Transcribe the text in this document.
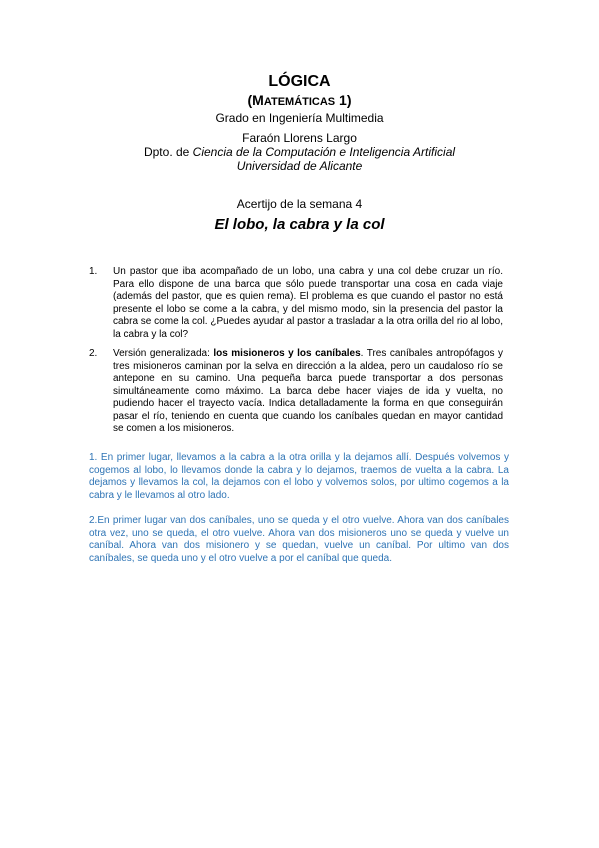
LÓGICA
(MATEMÁTICAS 1)
Grado en Ingeniería Multimedia
Faraón Llorens Largo
Dpto. de Ciencia de la Computación e Inteligencia Artificial
Universidad de Alicante
Acertijo de la semana 4
El lobo, la cabra y la col
1. Un pastor que iba acompañado de un lobo, una cabra y una col debe cruzar un río. Para ello dispone de una barca que sólo puede transportar una cosa en cada viaje (además del pastor, que es quien rema). El problema es que cuando el pastor no está presente el lobo se come a la cabra, y del mismo modo, sin la presencia del pastor la cabra se come la col. ¿Puedes ayudar al pastor a trasladar a la otra orilla del rio al lobo, la cabra y la col?
2. Versión generalizada: los misioneros y los caníbales. Tres caníbales antropófagos y tres misioneros caminan por la selva en dirección a la aldea, pero un caudaloso río se antepone en su camino. Una pequeña barca puede transportar a dos personas simultáneamente como máximo. La barca debe hacer viajes de ida y vuelta, no pudiendo hacer el trayecto vacía. Indica detalladamente la forma en que conseguirán pasar el río, teniendo en cuenta que cuando los caníbales quedan en mayor cantidad se comen a los misioneros.
1. En primer lugar, llevamos a la cabra a la otra orilla y la dejamos allí. Después volvemos y cogemos al lobo, lo llevamos donde la cabra y lo dejamos, traemos de vuelta a la cabra. La dejamos y llevamos la col, la dejamos con el lobo y volvemos solos, por ultimo cogemos a la cabra y le llevamos al otro lado.
2.En primer lugar van dos caníbales, uno se queda y el otro vuelve. Ahora van dos caníbales otra vez, uno se queda, el otro vuelve. Ahora van dos misioneros uno se queda y vuelve un caníbal. Ahora van dos misionero y se quedan, vuelve un caníbal. Por ultimo van dos caníbales, se queda uno y el otro vuelve a por el caníbal que queda.
